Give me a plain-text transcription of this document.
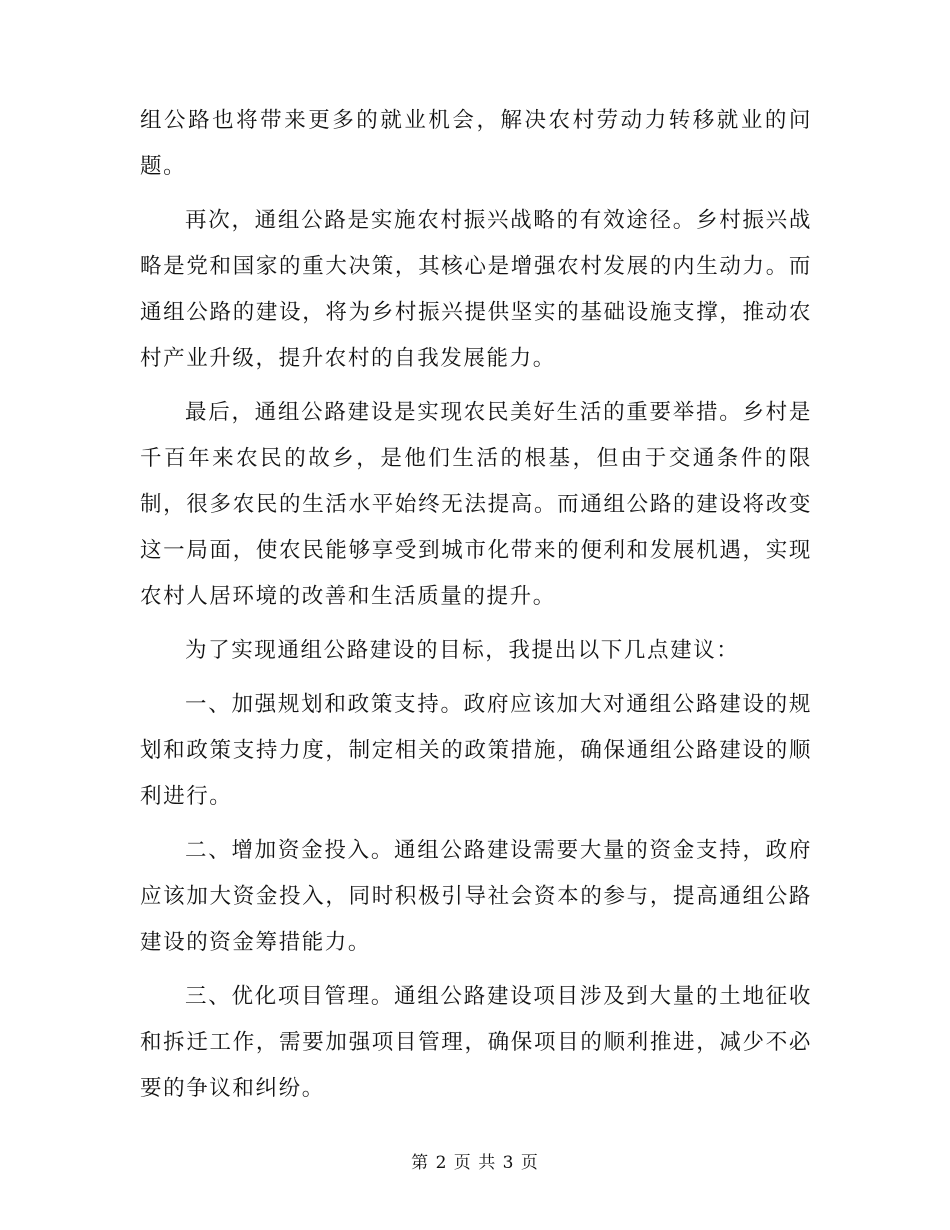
组公路也将带来更多的就业机会，解决农村劳动力转移就业的问题。

再次，通组公路是实施农村振兴战略的有效途径。乡村振兴战略是党和国家的重大决策，其核心是增强农村发展的内生动力。而通组公路的建设，将为乡村振兴提供坚实的基础设施支撑，推动农村产业升级，提升农村的自我发展能力。

最后，通组公路建设是实现农民美好生活的重要举措。乡村是千百年来农民的故乡，是他们生活的根基，但由于交通条件的限制，很多农民的生活水平始终无法提高。而通组公路的建设将改变这一局面，使农民能够享受到城市化带来的便利和发展机遇，实现农村人居环境的改善和生活质量的提升。

为了实现通组公路建设的目标，我提出以下几点建议：

一、加强规划和政策支持。政府应该加大对通组公路建设的规划和政策支持力度，制定相关的政策措施，确保通组公路建设的顺利进行。

二、增加资金投入。通组公路建设需要大量的资金支持，政府应该加大资金投入，同时积极引导社会资本的参与，提高通组公路建设的资金筹措能力。

三、优化项目管理。通组公路建设项目涉及到大量的土地征收和拆迁工作，需要加强项目管理，确保项目的顺利推进，减少不必要的争议和纠纷。

第 2 页 共 3 页
